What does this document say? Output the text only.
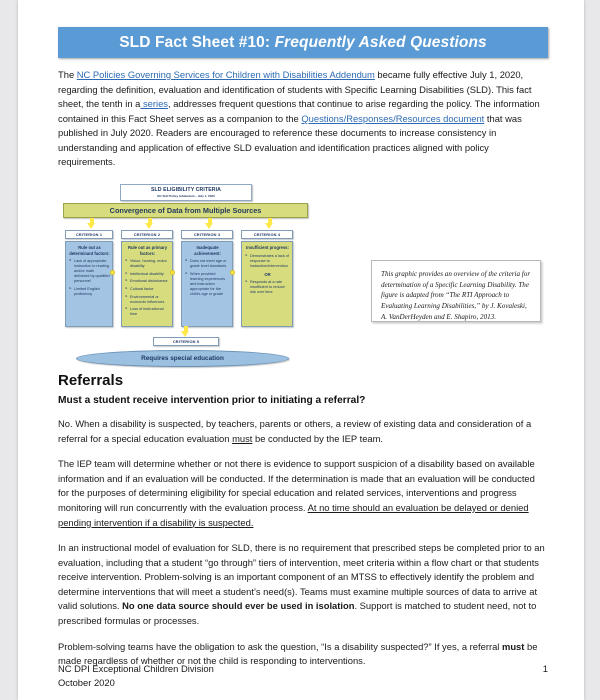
SLD Fact Sheet #10: Frequently Asked Questions

The NC Policies Governing Services for Children with Disabilities Addendum became fully effective July 1, 2020, regarding the definition, evaluation and identification of students with Specific Learning Disabilities (SLD). This fact sheet, the tenth in a series, addresses frequent questions that continue to arise regarding the policy. The information contained in this Fact Sheet serves as a companion to the Questions/Responses/Resources document that was published in July 2020. Readers are encouraged to reference these documents to increase consistency in understanding and application of effective SLD evaluation and identification practices aligned with policy requirements.

SLD ELIGIBILITY CRITERIA
NC SLD Policy Addendum – July 1, 2020
Convergence of Data from Multiple Sources
CRITERION 1
Rule out as determinant factors:
➤ Lack of appropriate instruction in reading and/or math delivered by qualified personnel
➤ Limited English proficiency
CRITERION 2
Rule out as primary factors:
➤ Vision, hearing, motor disability
➤ Intellectual disability
➤ Emotional disturbance
➤ Cultural factor
➤ Environmental or economic influences
➤ Loss of instructional time
CRITERION 3
Inadequate achievement:
➤ Does not meet age or grade level standards
➤ When provided learning experiences and instruction appropriate for the child's age or grade
CRITERION 4
Insufficient progress:
➤ Demonstrates a lack of response to instruction/intervention
OR
➤ Responds at a rate insufficient to reduce risk over time
CRITERION 5
Requires special education

This graphic provides an overview of the criteria for determination of a Specific Learning Disability. The figure is adapted from “The RTI Approach to Evaluating Learning Disabilities,” by J. Kovaleski, A. VanDerHeyden and E. Shapiro, 2013.

Referrals
Must a student receive intervention prior to initiating a referral?

No. When a disability is suspected, by teachers, parents or others, a review of existing data and consideration of a referral for a special education evaluation must be conducted by the IEP team.

The IEP team will determine whether or not there is evidence to support suspicion of a disability based on available information and if an evaluation will be conducted. If the determination is made that an evaluation will be conducted for the purposes of determining eligibility for special education and related services, interventions and progress monitoring will run concurrently with the evaluation process. At no time should an evaluation be delayed or denied pending intervention if a disability is suspected.

In an instructional model of evaluation for SLD, there is no requirement that prescribed steps be completed prior to an evaluation, including that a student “go through” tiers of intervention, meet criteria within a flow chart or that students receive intervention. Problem-solving is an important component of an MTSS to effectively identify the problem and determine interventions that will meet a student’s need(s). Teams must examine multiple sources of data to arrive at valid solutions. No one data source should ever be used in isolation. Support is matched to student need, not to prescribed formulas or processes.

Problem-solving teams have the obligation to ask the question, “Is a disability suspected?” If yes, a referral must be made regardless of whether or not the child is responding to interventions.

NC DPI Exceptional Children Division
October 2020
1
